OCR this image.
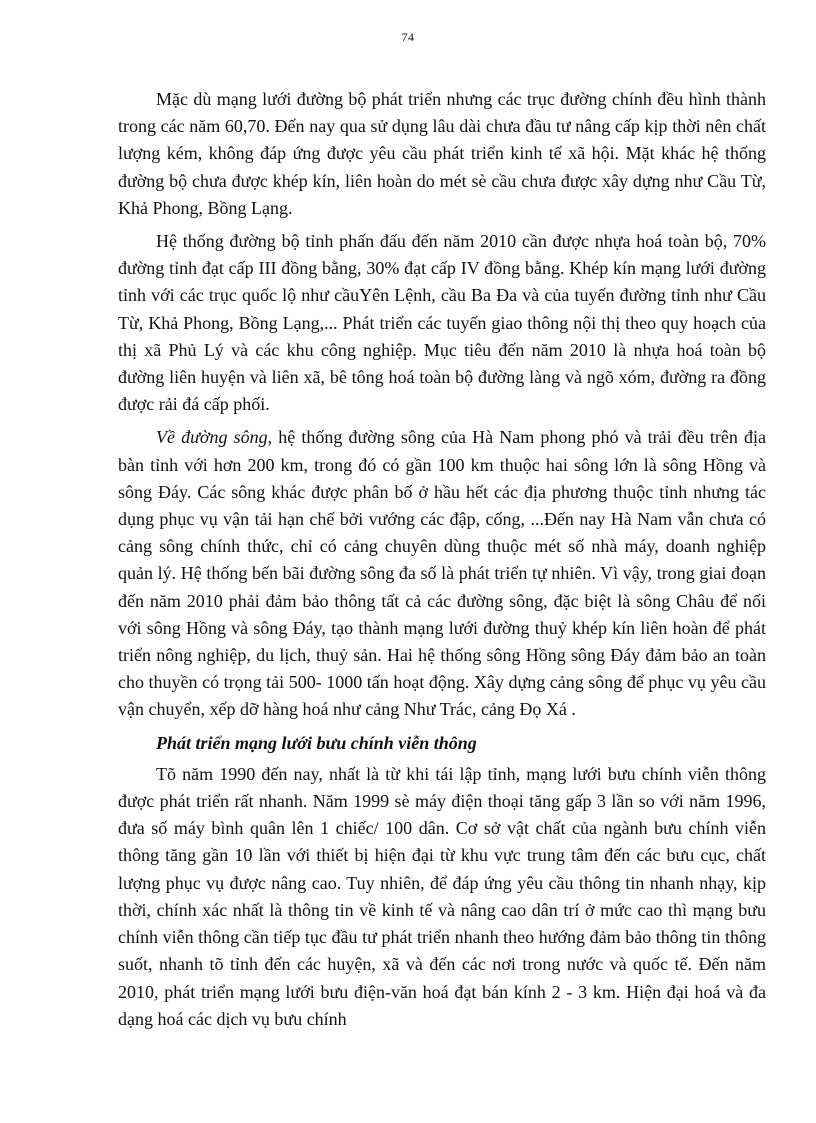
74

Mặc dù mạng lưới đường bộ phát triển nhưng các trục đường chính đều hình thành trong các năm 60,70. Đến nay qua sử dụng lâu dài chưa đầu tư nâng cấp kịp thời nên chất lượng kém, không đáp ứng được yêu cầu phát triển kinh tế xã hội. Mặt khác hệ thống đường bộ chưa được khép kín, liên hoàn do mét sè cầu chưa được xây dựng như Cầu Từ, Khả Phong, Bồng Lạng.

Hệ thống đường bộ tỉnh phấn đấu đến năm 2010 cần được nhựa hoá toàn bộ, 70% đường tỉnh đạt cấp III đồng bằng, 30% đạt cấp IV đồng bằng. Khép kín mạng lưới đường tỉnh với các trục quốc lộ như cầuYên Lệnh, cầu Ba Đa và của tuyến đường tỉnh như Cầu Từ, Khả Phong, Bồng Lạng,... Phát triển các tuyến giao thông nội thị theo quy hoạch của thị xã Phủ Lý và các khu công nghiệp. Mục tiêu đến năm 2010 là nhựa hoá toàn bộ đường liên huyện và liên xã, bê tông hoá toàn bộ đường làng và ngõ xóm, đường ra đồng được rải đá cấp phối.

Về đường sông, hệ thống đường sông của Hà Nam phong phó và trải đều trên địa bàn tỉnh với hơn 200 km, trong đó có gần 100 km thuộc hai sông lớn là sông Hồng và sông Đáy. Các sông khác được phân bố ở hầu hết các địa phương thuộc tỉnh nhưng tác dụng phục vụ vận tải hạn chế bởi vướng các đập, cống, ...Đến nay Hà Nam vẫn chưa có cảng sông chính thức, chỉ có cảng chuyên dùng thuộc mét số nhà máy, doanh nghiệp quản lý. Hệ thống bến bãi đường sông đa số là phát triển tự nhiên. Vì vậy, trong giai đoạn đến năm 2010 phải đảm bảo thông tất cả các đường sông, đặc biệt là sông Châu để nối với sông Hồng và sông Đáy, tạo thành mạng lưới đường thuỷ khép kín liên hoàn để phát triển nông nghiệp, du lịch, thuỷ sản. Hai hệ thống sông Hồng sông Đáy đảm bảo an toàn cho thuyền có trọng tải 500- 1000 tấn hoạt động. Xây dựng cảng sông để phục vụ yêu cầu vận chuyển, xếp dỡ hàng hoá như cảng Như Trác, cảng Đọ Xá .

Phát triển mạng lưới bưu chính viễn thông

Tõ năm 1990 đến nay, nhất là từ khi tái lập tỉnh, mạng lưới bưu chính viễn thông được phát triển rất nhanh. Năm 1999 sè máy điện thoại tăng gấp 3 lần so với năm 1996, đưa số máy bình quân lên 1 chiếc/ 100 dân. Cơ sở vật chất của ngành bưu chính viễn thông tăng gần 10 lần với thiết bị hiện đại từ khu vực trung tâm đến các bưu cục, chất lượng phục vụ được nâng cao. Tuy nhiên, để đáp ứng yêu cầu thông tin nhanh nhạy, kịp thời, chính xác nhất là thông tin về kinh tế và nâng cao dân trí ở mức cao thì mạng bưu chính viễn thông cần tiếp tục đầu tư phát triển nhanh theo hướng đảm bảo thông tin thông suốt, nhanh tõ tỉnh đến các huyện, xã và đến các nơi trong nước và quốc tế. Đến năm 2010, phát triển mạng lưới bưu điện-văn hoá đạt bán kính 2 - 3 km. Hiện đại hoá và đa dạng hoá các dịch vụ bưu chính
